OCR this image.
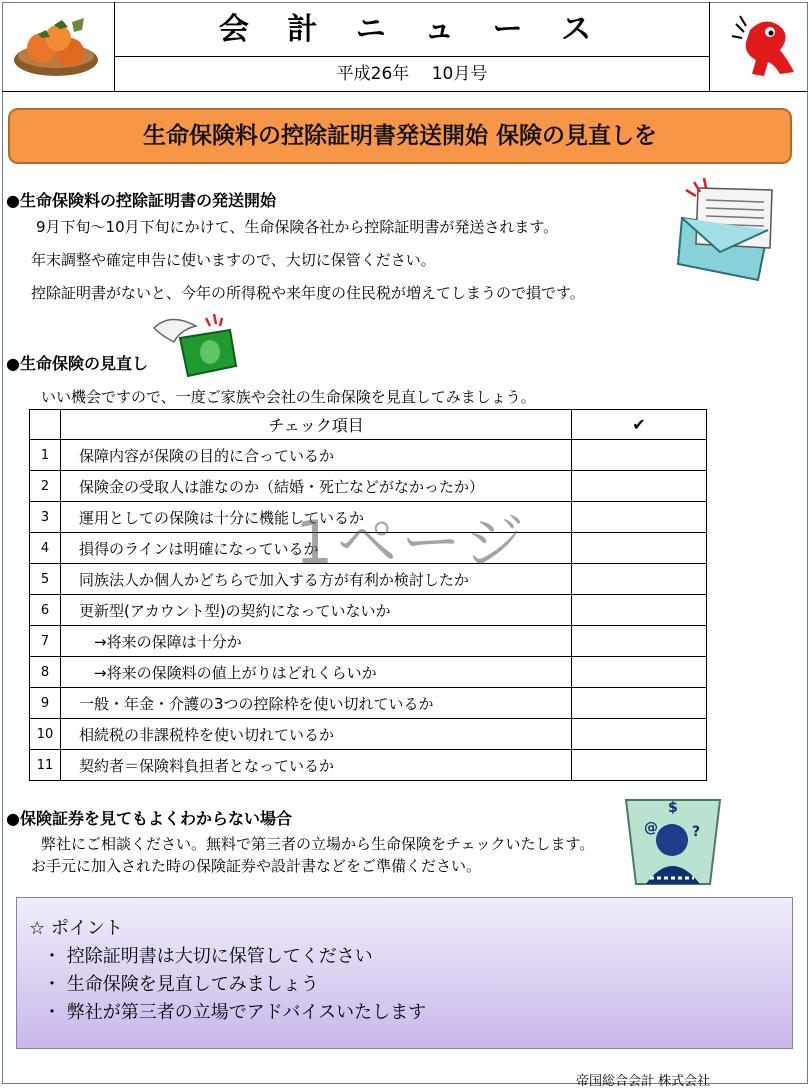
会 計 ニ ュ ー ス
平成26年　 10月号
生命保険料の控除証明書発送開始 保険の見直しを
●生命保険料の控除証明書の発送開始
9月下旬～10月下旬にかけて、生命保険各社から控除証明書が発送されます。
年末調整や確定申告に使いますので、大切に保管ください。
控除証明書がないと、今年の所得税や来年度の住民税が増えてしまうので損です。
●生命保険の見直し
いい機会ですので、一度ご家族や会社の生命保険を見直してみましょう。
	チェック項目	✔
1	保障内容が保険の目的に合っているか	
2	保険金の受取人は誰なのか（結婚・死亡などがなかったか）	
3	運用としての保険は十分に機能しているか	
4	損得のラインは明確になっているか	
5	同族法人か個人かどちらで加入する方が有利か検討したか	
6	更新型(アカウント型)の契約になっていないか	
7	　→将来の保障は十分か	
8	　→将来の保険料の値上がりはどれくらいか	
9	一般・年金・介護の3つの控除枠を使い切れているか	
10	相続税の非課税枠を使い切れているか	
11	契約者＝保険料負担者となっているか	
1ページ
●保険証券を見てもよくわからない場合
弊社にご相談ください。無料で第三者の立場から生命保険をチェックいたします。
お手元に加入された時の保険証券や設計書などをご準備ください。
$
@ ?
☆ ポイント
・ 控除証明書は大切に保管してください
・ 生命保険を見直してみましょう
・ 弊社が第三者の立場でアドバイスいたします
帝国総合会計 株式会社
